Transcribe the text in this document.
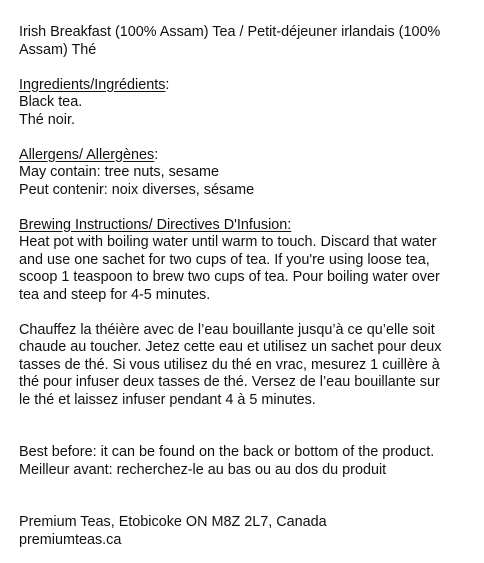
Irish Breakfast (100% Assam) Tea / Petit-déjeuner irlandais (100%
Assam) Thé
Ingredients/Ingrédients:
Black tea.
Thé noir.
Allergens/ Allergènes:
May contain: tree nuts, sesame
Peut contenir: noix diverses, sésame
Brewing Instructions/ Directives D'Infusion:
Heat pot with boiling water until warm to touch. Discard that water
and use one sachet for two cups of tea. If you're using loose tea,
scoop 1 teaspoon to brew two cups of tea. Pour boiling water over
tea and steep for 4-5 minutes.
Chauffez la théière avec de l’eau bouillante jusqu’à ce qu’elle soit
chaude au toucher. Jetez cette eau et utilisez un sachet pour deux
tasses de thé. Si vous utilisez du thé en vrac, mesurez 1 cuillère à
thé pour infuser deux tasses de thé. Versez de l’eau bouillante sur
le thé et laissez infuser pendant 4 à 5 minutes.
Best before: it can be found on the back or bottom of the product.
Meilleur avant: recherchez-le au bas ou au dos du produit
Premium Teas, Etobicoke ON M8Z 2L7, Canada
premiumteas.ca
